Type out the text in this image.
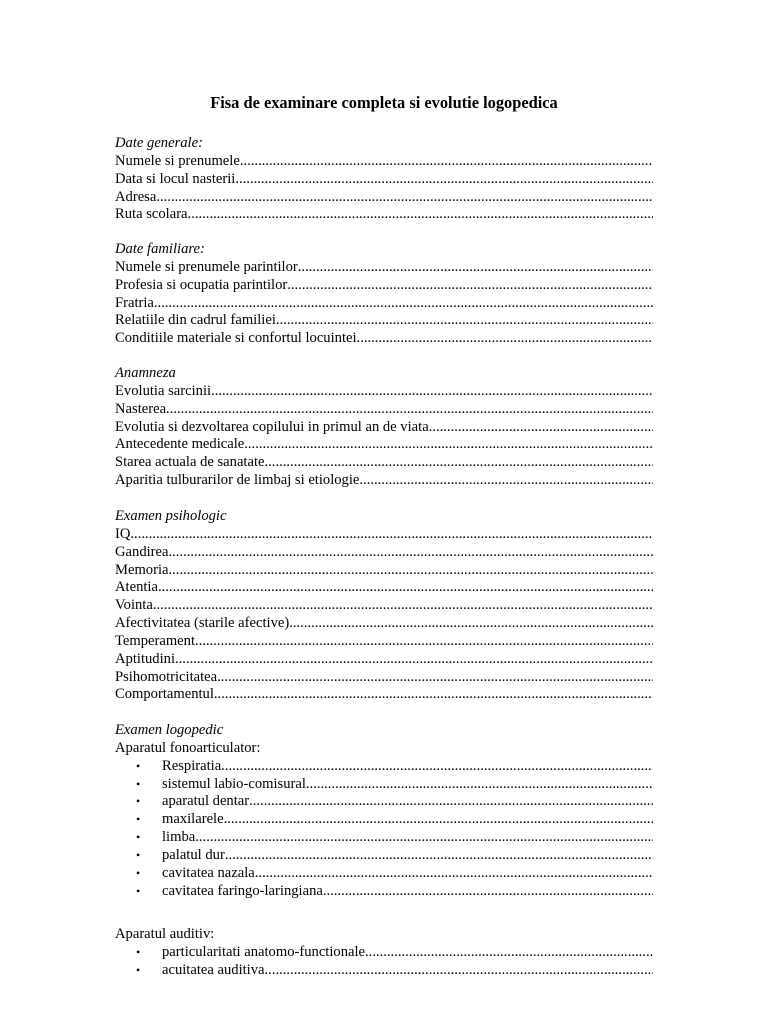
Fisa de examinare completa si evolutie logopedica
Date generale:
Numele si prenumele
.....
Data si locul nasterii
.....
Adresa
.....
Ruta scolara
.....
Date familiare:
Numele si prenumele parintilor
.....
Profesia si ocupatia parintilor
.....
Fratria
.....
Relatiile din cadrul familiei
.....
Conditiile materiale si confortul locuintei
.....
Anamneza
Evolutia sarcinii
.....
Nasterea
.....
Evolutia si dezvoltarea copilului in primul an de viata
.....
Antecedente medicale
.....
Starea actuala de sanatate
.....
Aparitia tulburarilor de limbaj si etiologie
.....
Examen psihologic
IQ
.....
Gandirea
.....
Memoria
.....
Atentia
.....
Vointa
.....
Afectivitatea (starile afective)
.....
Temperament
.....
Aptitudini
.....
Psihomotricitatea
.....
Comportamentul
.....
Examen logopedic
Aparatul fonoarticulator:
•	Respiratia
.....
•	sistemul labio-comisural
.....
•	aparatul dentar
.....
•	maxilarele
.....
•	limba
.....
•	palatul dur
.....
•	cavitatea nazala
.....
•	cavitatea faringo-laringiana
.....
Aparatul auditiv:
•	particularitati anatomo-functionale
.....
•	acuitatea auditiva
.....
